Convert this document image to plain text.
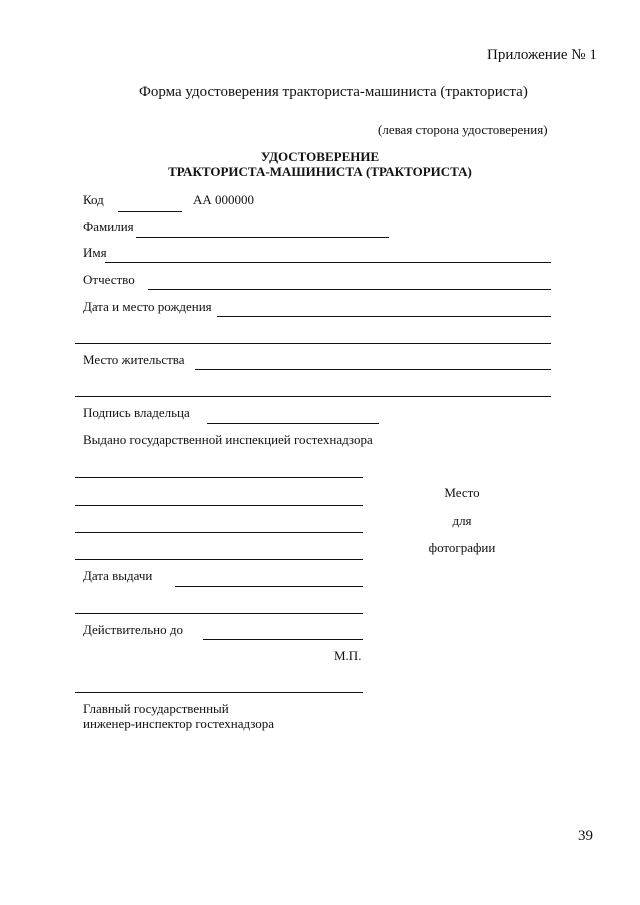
Приложение № 1
Форма удостоверения тракториста-машиниста (тракториста)
(левая сторона удостоверения)
УДОСТОВЕРЕНИЕ
ТРАКТОРИСТА-МАШИНИСТА (ТРАКТОРИСТА)
Код	АА 000000
Фамилия
Имя
Отчество
Дата и место рождения
Место жительства
Подпись владельца
Выдано государственной инспекцией гостехнадзора
Место
для
фотографии
Дата выдачи
Действительно до
М.П.
Главный государственный
инженер-инспектор гостехнадзора
39
